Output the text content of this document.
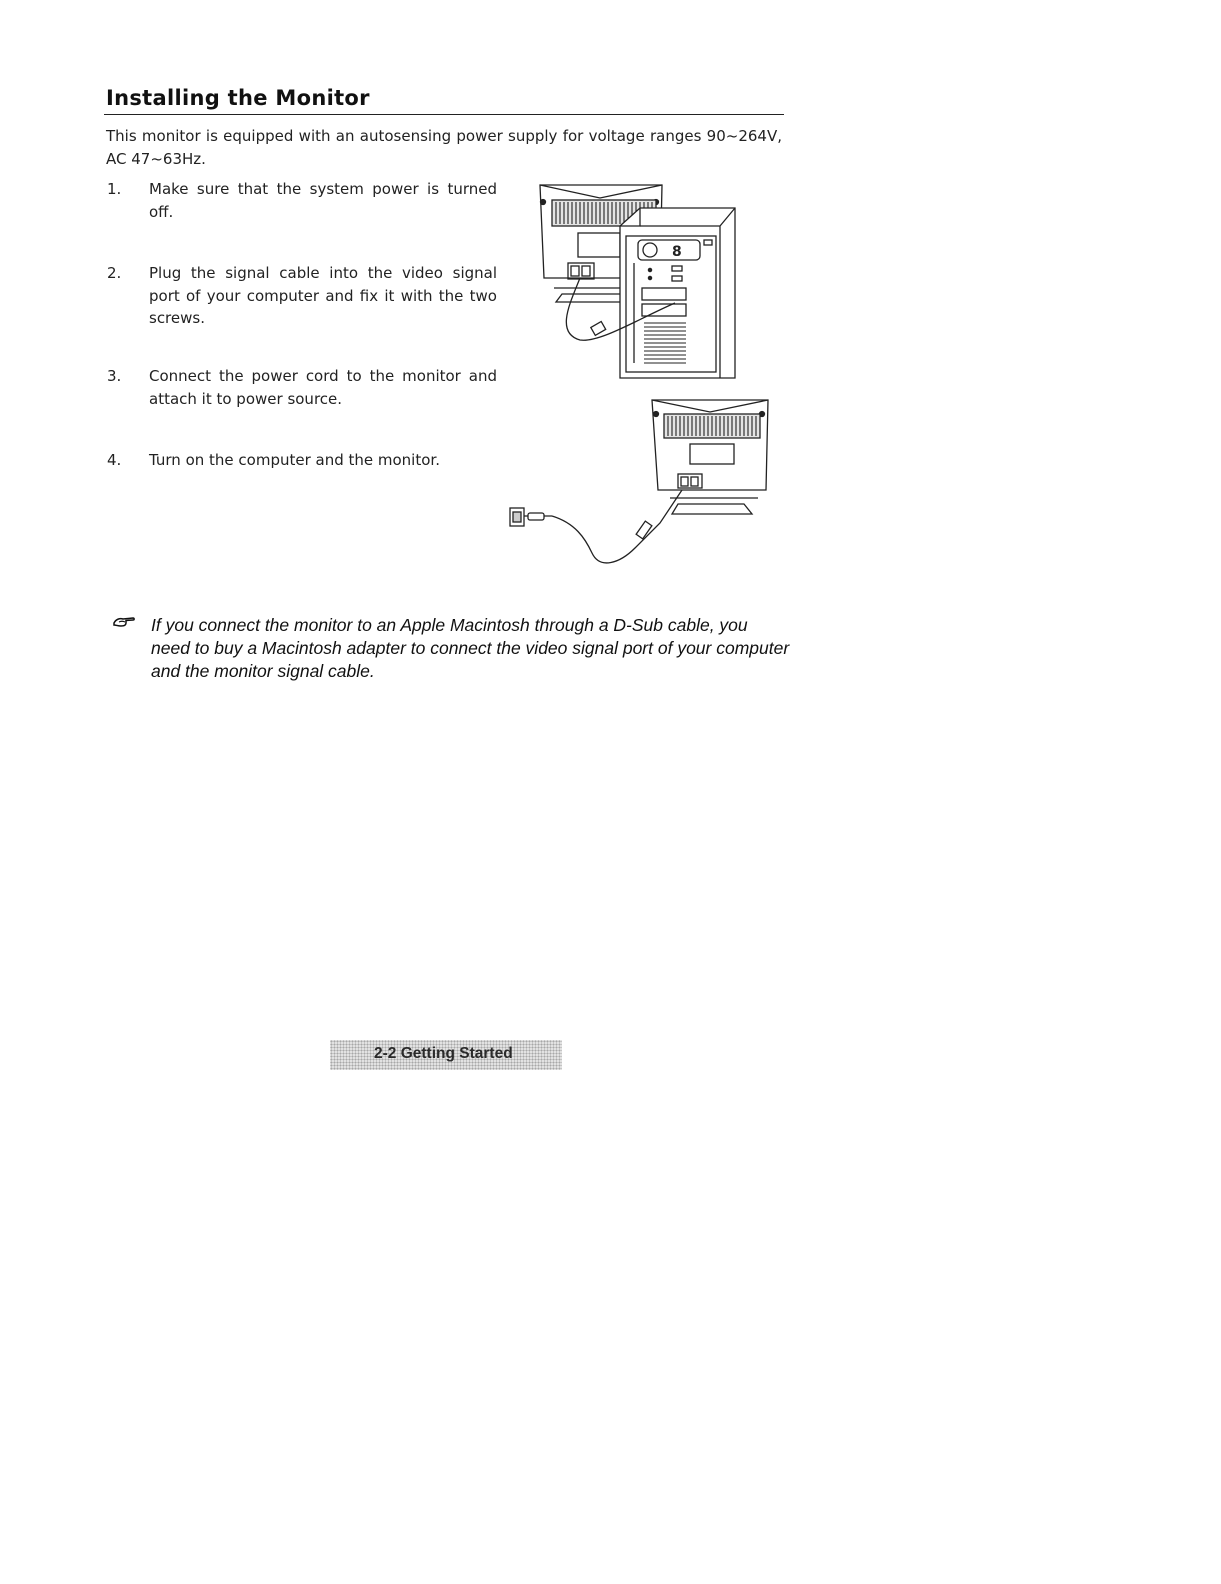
Installing the Monitor

This monitor is equipped with an autosensing power supply for voltage ranges 90~264V, AC 47~63Hz.

1. Make sure that the system power is turned off.
2. Plug the signal cable into the video signal port of your computer and fix it with the two screws.
3. Connect the power cord to the monitor and attach it to power source.
4. Turn on the computer and the monitor.
8

If you connect the monitor to an Apple Macintosh through a D-Sub cable, you need to buy a Macintosh adapter to connect the video signal port of your computer and the monitor signal cable.

2-2 Getting Started
